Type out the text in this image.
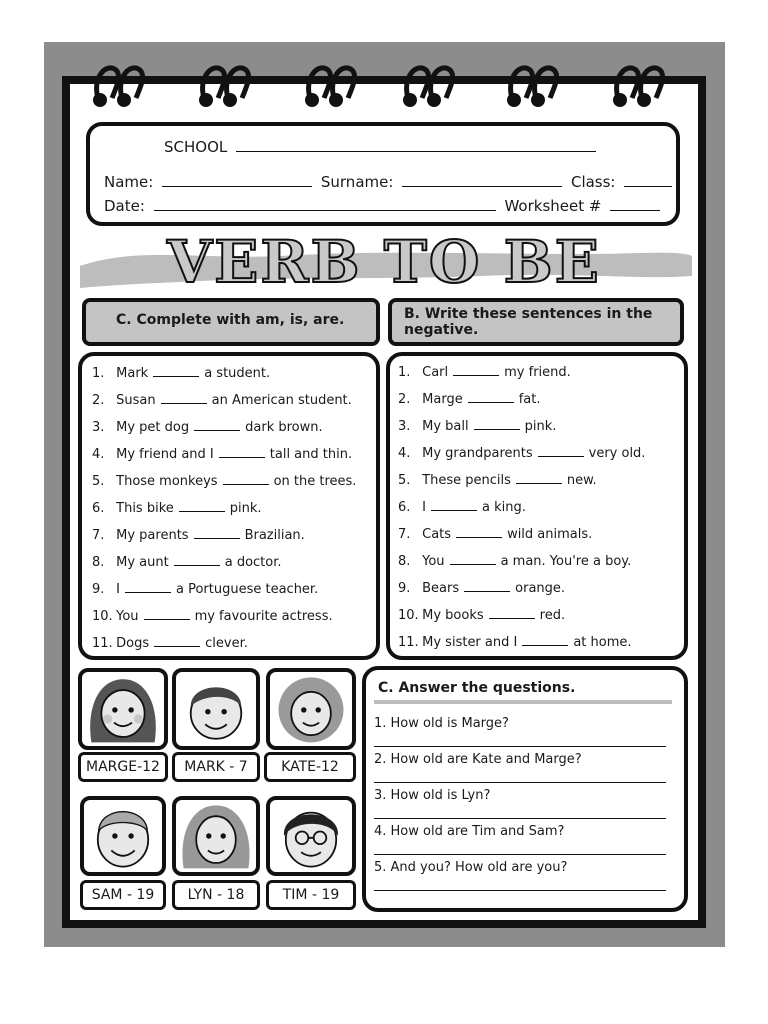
SCHOOL
Name:	Surname:	Class:
Date:	Worksheet #
VERB TO BE
C. Complete with am, is, are.	B. Write these sentences in the
negative.
1. Mark	a student.
2. Susan	an American student.
3. My pet dog	dark brown.
4. My friend and I	tall and thin.
5. Those monkeys	on the trees.
6. This bike	pink.
7. My parents	Brazilian.
8. My aunt	a doctor.
9. I	a Portuguese teacher.
10. You	my favourite actress.
11. Dogs	clever.
1. Carl	my friend.
2. Marge	fat.
3. My ball	pink.
4. My grandparents	very old.
5. These pencils	new.
6. I	a king.
7. Cats	wild animals.
8. You	a man. You're a boy.
9. Bears	orange.
10. My books	red.
11. My sister and I	at home.
MARGE-12	MARK - 7	KATE-12
SAM - 19	LYN - 18	TIM - 19
C. Answer the questions.
1. How old is Marge?
2. How old are Kate and Marge?
3. How old is Lyn?
4. How old are Tim and Sam?
5. And you? How old are you?
